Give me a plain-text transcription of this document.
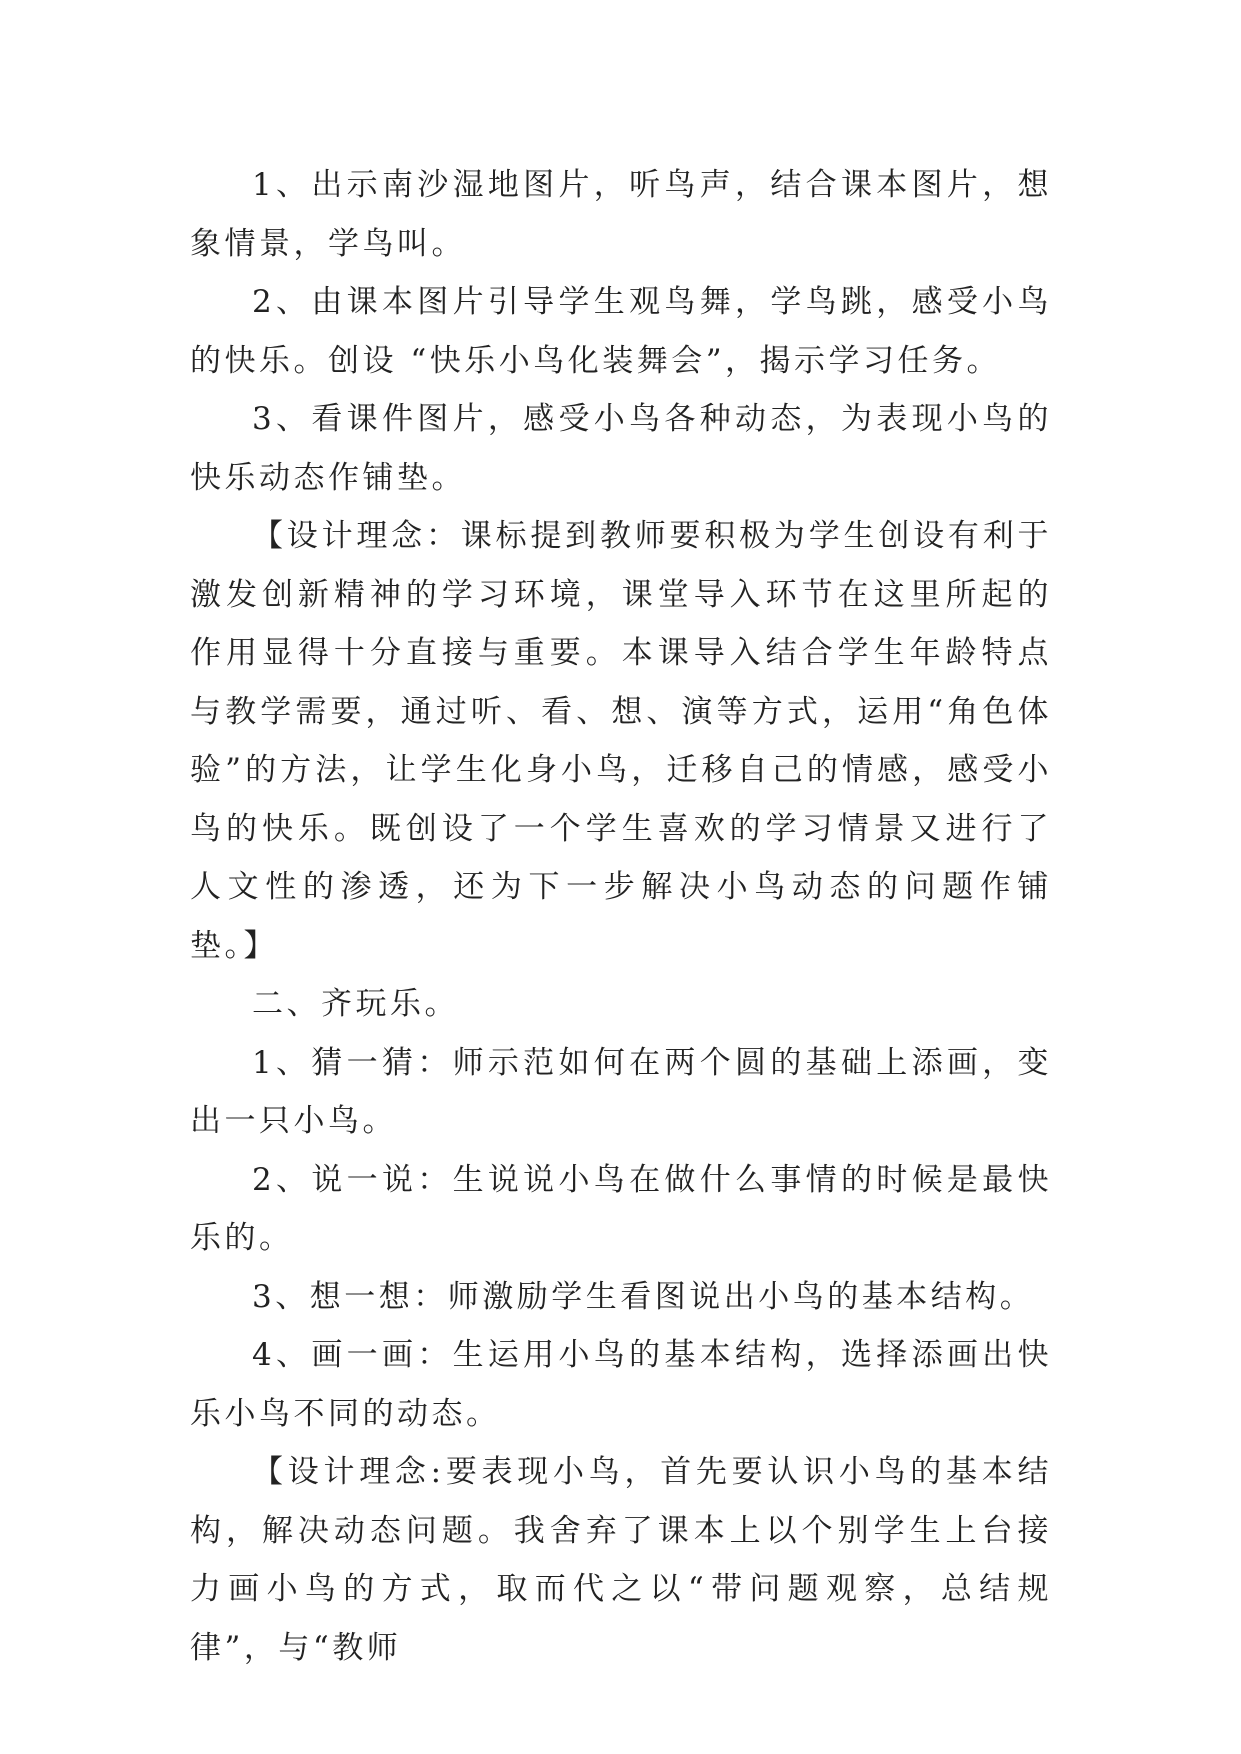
1、出示南沙湿地图片，听鸟声，结合课本图片，想象情景，学鸟叫。

2、由课本图片引导学生观鸟舞，学鸟跳，感受小鸟的快乐。创设 “快乐小鸟化装舞会”，揭示学习任务。

3、看课件图片，感受小鸟各种动态，为表现小鸟的快乐动态作铺垫。

【设计理念：课标提到教师要积极为学生创设有利于激发创新精神的学习环境，课堂导入环节在这里所起的作用显得十分直接与重要。本课导入结合学生年龄特点与教学需要，通过听、看、想、演等方式，运用“角色体验”的方法，让学生化身小鸟，迁移自己的情感，感受小鸟的快乐。既创设了一个学生喜欢的学习情景又进行了人文性的渗透，还为下一步解决小鸟动态的问题作铺垫。】

二、齐玩乐。

1、猜一猜：师示范如何在两个圆的基础上添画，变出一只小鸟。

2、说一说：生说说小鸟在做什么事情的时候是最快乐的。

3、想一想：师激励学生看图说出小鸟的基本结构。

4、画一画：生运用小鸟的基本结构，选择添画出快乐小鸟不同的动态。

【设计理念:要表现小鸟，首先要认识小鸟的基本结构，解决动态问题。我舍弃了课本上以个别学生上台接力画小鸟的方式，取而代之以“带问题观察，总结规律”，与“教师
